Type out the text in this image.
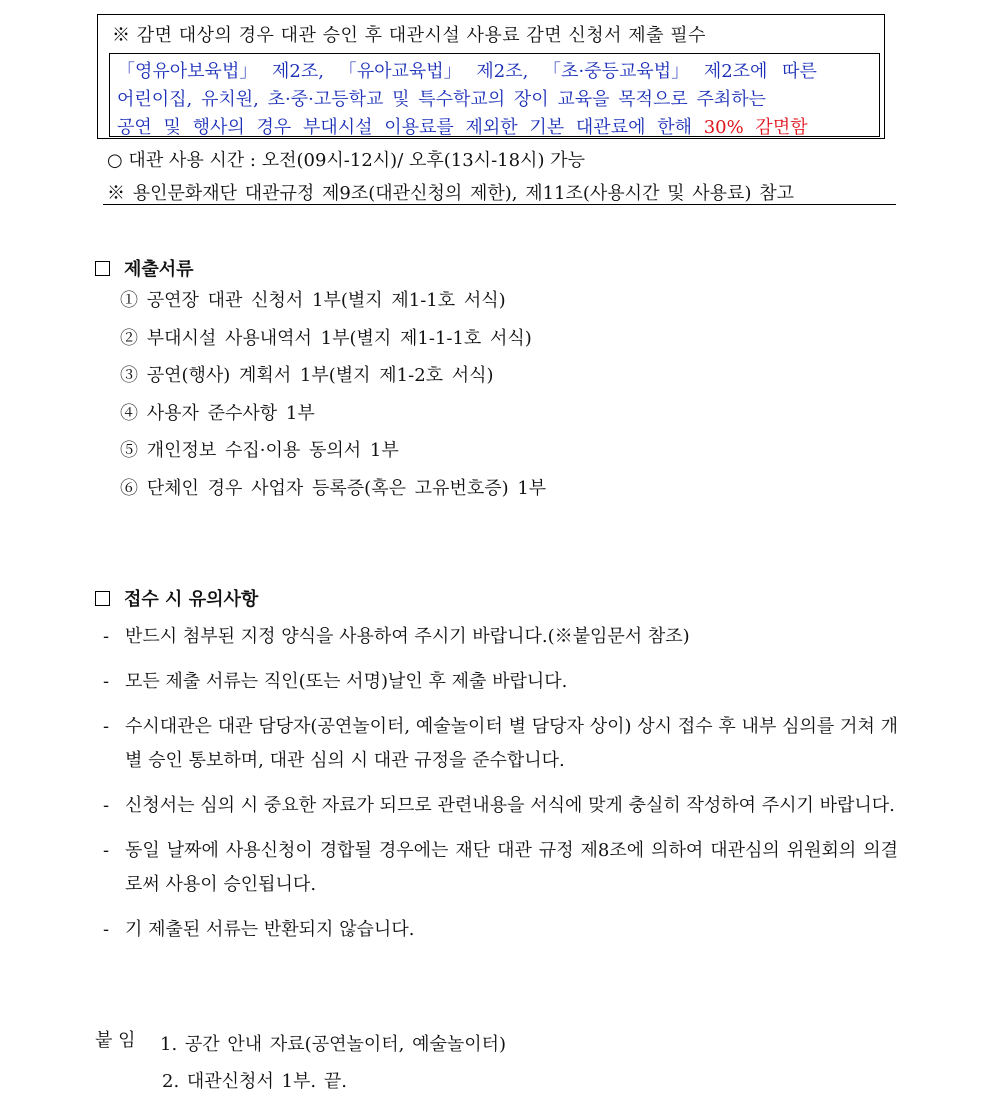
※ 감면 대상의 경우 대관 승인 후 대관시설 사용료 감면 신청서 제출 필수
「영유아보육법」 제2조, 「유아교육법」 제2조, 「초·중등교육법」 제2조에 따른
어린이집, 유치원, 초·중·고등학교 및 특수학교의 장이 교육을 목적으로 주최하는
공연 및 행사의 경우 부대시설 이용료를 제외한 기본 대관료에 한해 30% 감면함
○ 대관 사용 시간 : 오전(09시-12시)/ 오후(13시-18시) 가능
※ 용인문화재단 대관규정 제9조(대관신청의 제한), 제11조(사용시간 및 사용료) 참고
제출서류
① 공연장 대관 신청서 1부(별지 제1-1호 서식)
② 부대시설 사용내역서 1부(별지 제1-1-1호 서식)
③ 공연(행사) 계획서 1부(별지 제1-2호 서식)
④ 사용자 준수사항 1부
⑤ 개인정보 수집·이용 동의서 1부
⑥ 단체인 경우 사업자 등록증(혹은 고유번호증) 1부
접수 시 유의사항
- 반드시 첨부된 지정 양식을 사용하여 주시기 바랍니다.(※붙임문서 참조)
- 모든 제출 서류는 직인(또는 서명)날인 후 제출 바랍니다.
- 수시대관은 대관 담당자(공연놀이터, 예술놀이터 별 담당자 상이) 상시 접수 후 내부 심의를 거쳐 개별 승인 통보하며, 대관 심의 시 대관 규정을 준수합니다.
- 신청서는 심의 시 중요한 자료가 되므로 관련내용을 서식에 맞게 충실히 작성하여 주시기 바랍니다.
- 동일 날짜에 사용신청이 경합될 경우에는 재단 대관 규정 제8조에 의하여 대관심의 위원회의 의결로써 사용이 승인됩니다.
- 기 제출된 서류는 반환되지 않습니다.
붙 임 1. 공간 안내 자료(공연놀이터, 예술놀이터)
2. 대관신청서 1부. 끝.
